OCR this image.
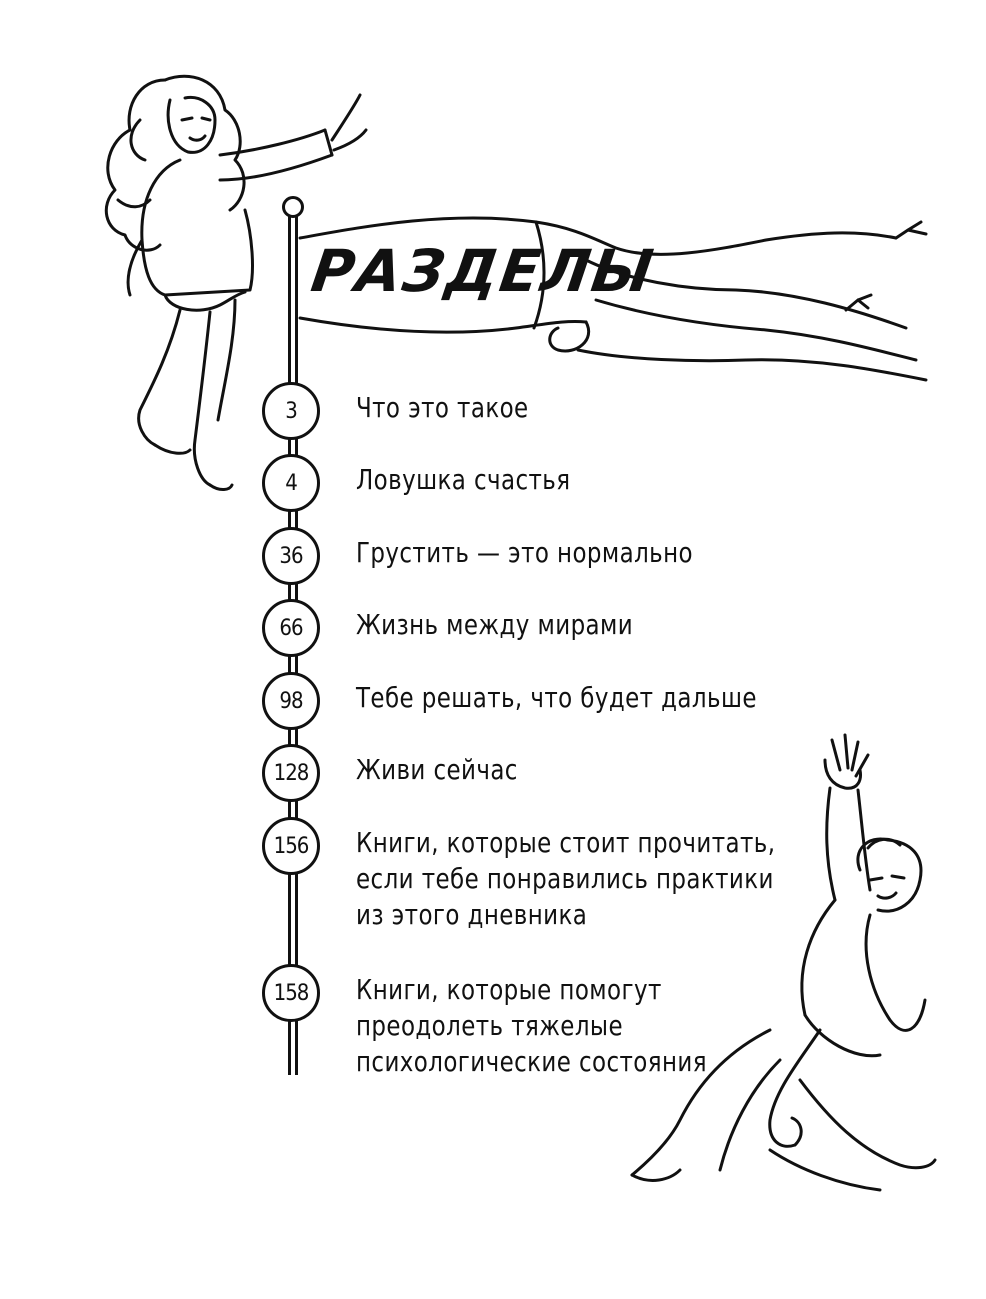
РАЗДЕЛЫ
3	Что это такое
4	Ловушка счастья
36	Грустить — это нормально
66	Жизнь между мирами
98	Тебе решать, что будет дальше
128	Живи сейчас
156	Книги, которые стоит прочитать,
если тебе понравились практики
из этого дневника
158	Книги, которые помогут
преодолеть тяжелые
психологические состояния
